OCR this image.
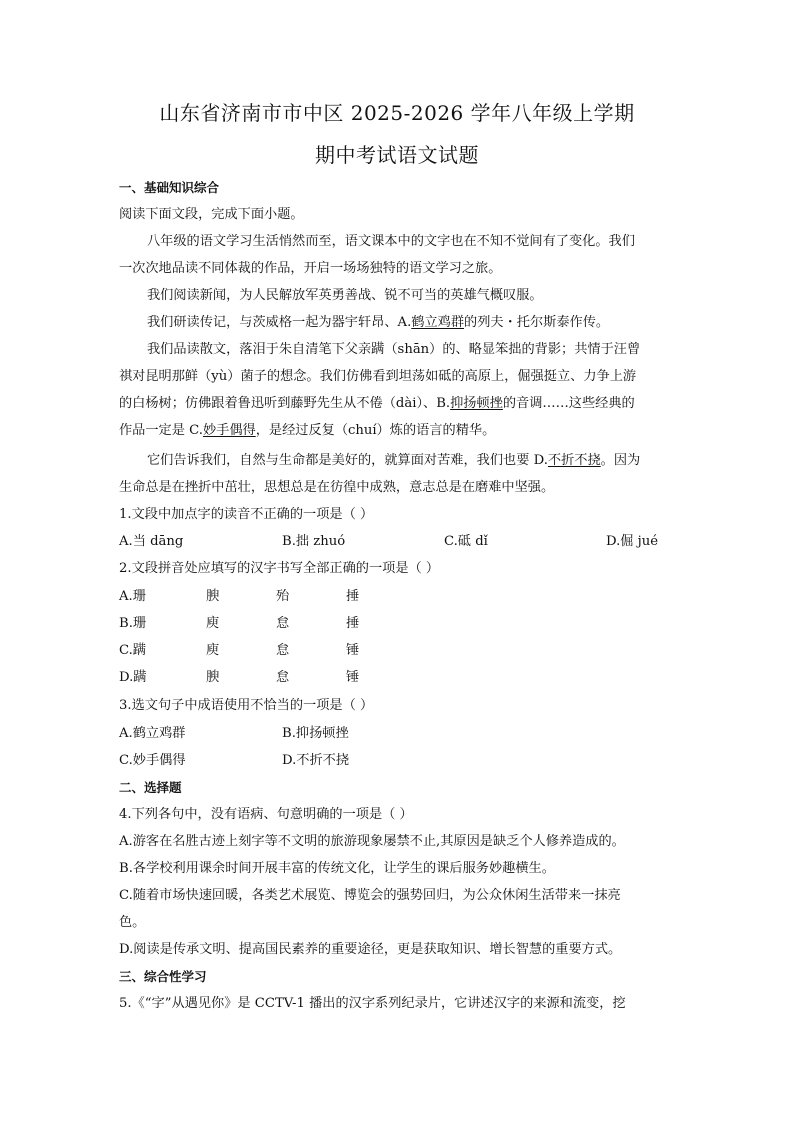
山东省济南市市中区 2025-2026 学年八年级上学期
期中考试语文试题
一、基础知识综合
阅读下面文段，完成下面小题。
八年级的语文学习生活悄然而至，语文课本中的文字也在不知不觉间有了变化。我们
一次次地品读不同体裁的作品，开启一场场独特的语文学习之旅。
我们阅读新闻，为人民解放军英勇善战、锐不可当的英雄气概叹服。
我们研读传记，与茨威格一起为器宇轩昂、A.鹤立鸡群的列夫・托尔斯泰作传。
我们品读散文，落泪于朱自清笔下父亲蹒（shān）的、略显笨拙的背影；共情于汪曾
祺对昆明那鲜（yù）菌子的想念。我们仿佛看到坦荡如砥的高原上，倔强挺立、力争上游
的白杨树；仿佛跟着鲁迅听到藤野先生从不倦（dài）、B.抑扬顿挫的音调……这些经典的
作品一定是 C.妙手偶得，是经过反复（chuí）炼的语言的精华。
它们告诉我们，自然与生命都是美好的，就算面对苦难，我们也要 D.不折不挠。因为
生命总是在挫折中茁壮，思想总是在彷徨中成熟，意志总是在磨难中坚强。
1.文段中加点字的读音不正确的一项是（ ）
A.当 dāng	B.拙 zhuó	C.砥 dǐ	D.倔 jué
2.文段拼音处应填写的汉字书写全部正确的一项是（ ）
A.珊	腴	殆	捶
B.珊	庾	怠	捶
C.蹒	庾	怠	锤
D.蹒	腴	怠	锤
3.选文句子中成语使用不恰当的一项是（ ）
A.鹤立鸡群	B.抑扬顿挫
C.妙手偶得	D.不折不挠
二、选择题
4.下列各句中，没有语病、句意明确的一项是（ ）
A.游客在名胜古迹上刻字等不文明的旅游现象屡禁不止,其原因是缺乏个人修养造成的。
B.各学校利用课余时间开展丰富的传统文化，让学生的课后服务妙趣横生。
C.随着市场快速回暖，各类艺术展览、博览会的强势回归，为公众休闲生活带来一抹亮
色。
D.阅读是传承文明、提高国民素养的重要途径，更是获取知识、增长智慧的重要方式。
三、综合性学习
5.《“字”从遇见你》是 CCTV-1 播出的汉字系列纪录片，它讲述汉字的来源和流变，挖
